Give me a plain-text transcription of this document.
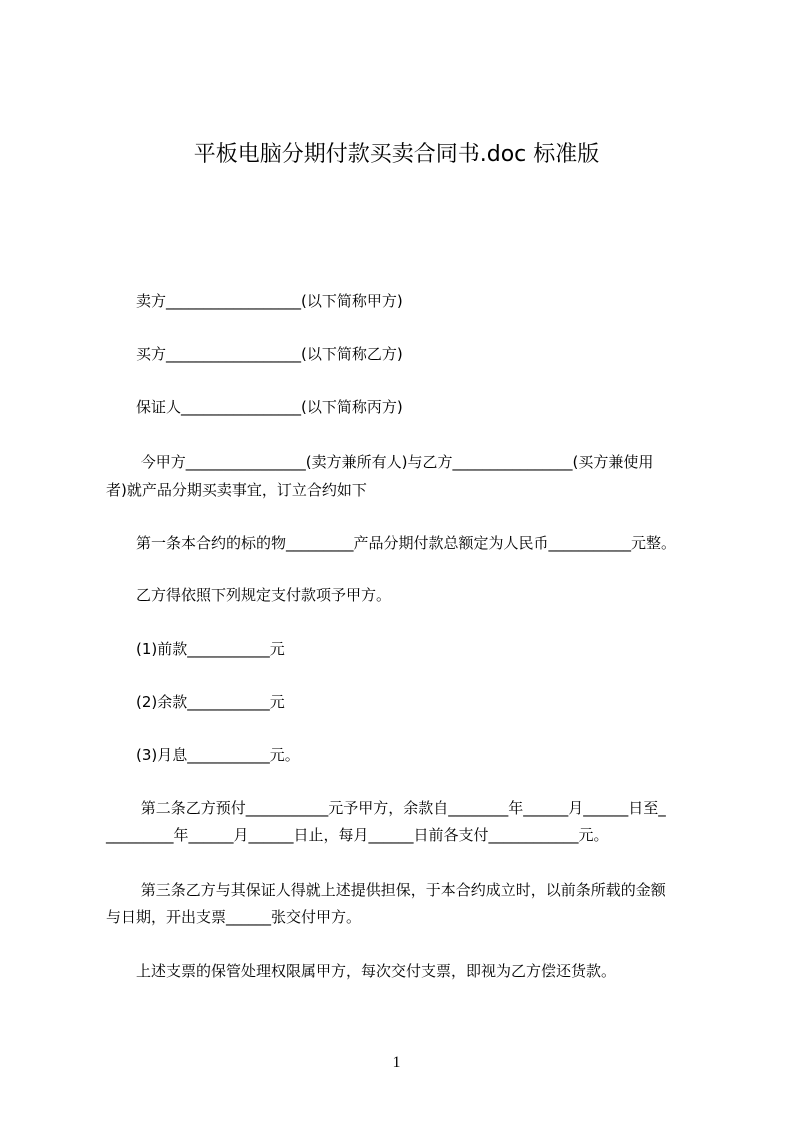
平板电脑分期付款买卖合同书.doc 标准版
　　卖方__________________(以下简称甲方)
　　买方__________________(以下简称乙方)
　　保证人________________(以下简称丙方)
　　 今甲方________________(卖方兼所有人)与乙方________________(买方兼使用
者)就产品分期买卖事宜，订立合约如下
　　第一条本合约的标的物_________产品分期付款总额定为人民币___________元整。
　　乙方得依照下列规定支付款项予甲方。
　　(1)前款___________元
　　(2)余款___________元
　　(3)月息___________元。
　　 第二条乙方预付___________元予甲方，余款自________年______月______日至_
_________年______月______日止，每月______日前各支付____________元。
　　 第三条乙方与其保证人得就上述提供担保，于本合约成立时，以前条所载的金额
与日期，开出支票______张交付甲方。
　　上述支票的保管处理权限属甲方，每次交付支票，即视为乙方偿还货款。
1
